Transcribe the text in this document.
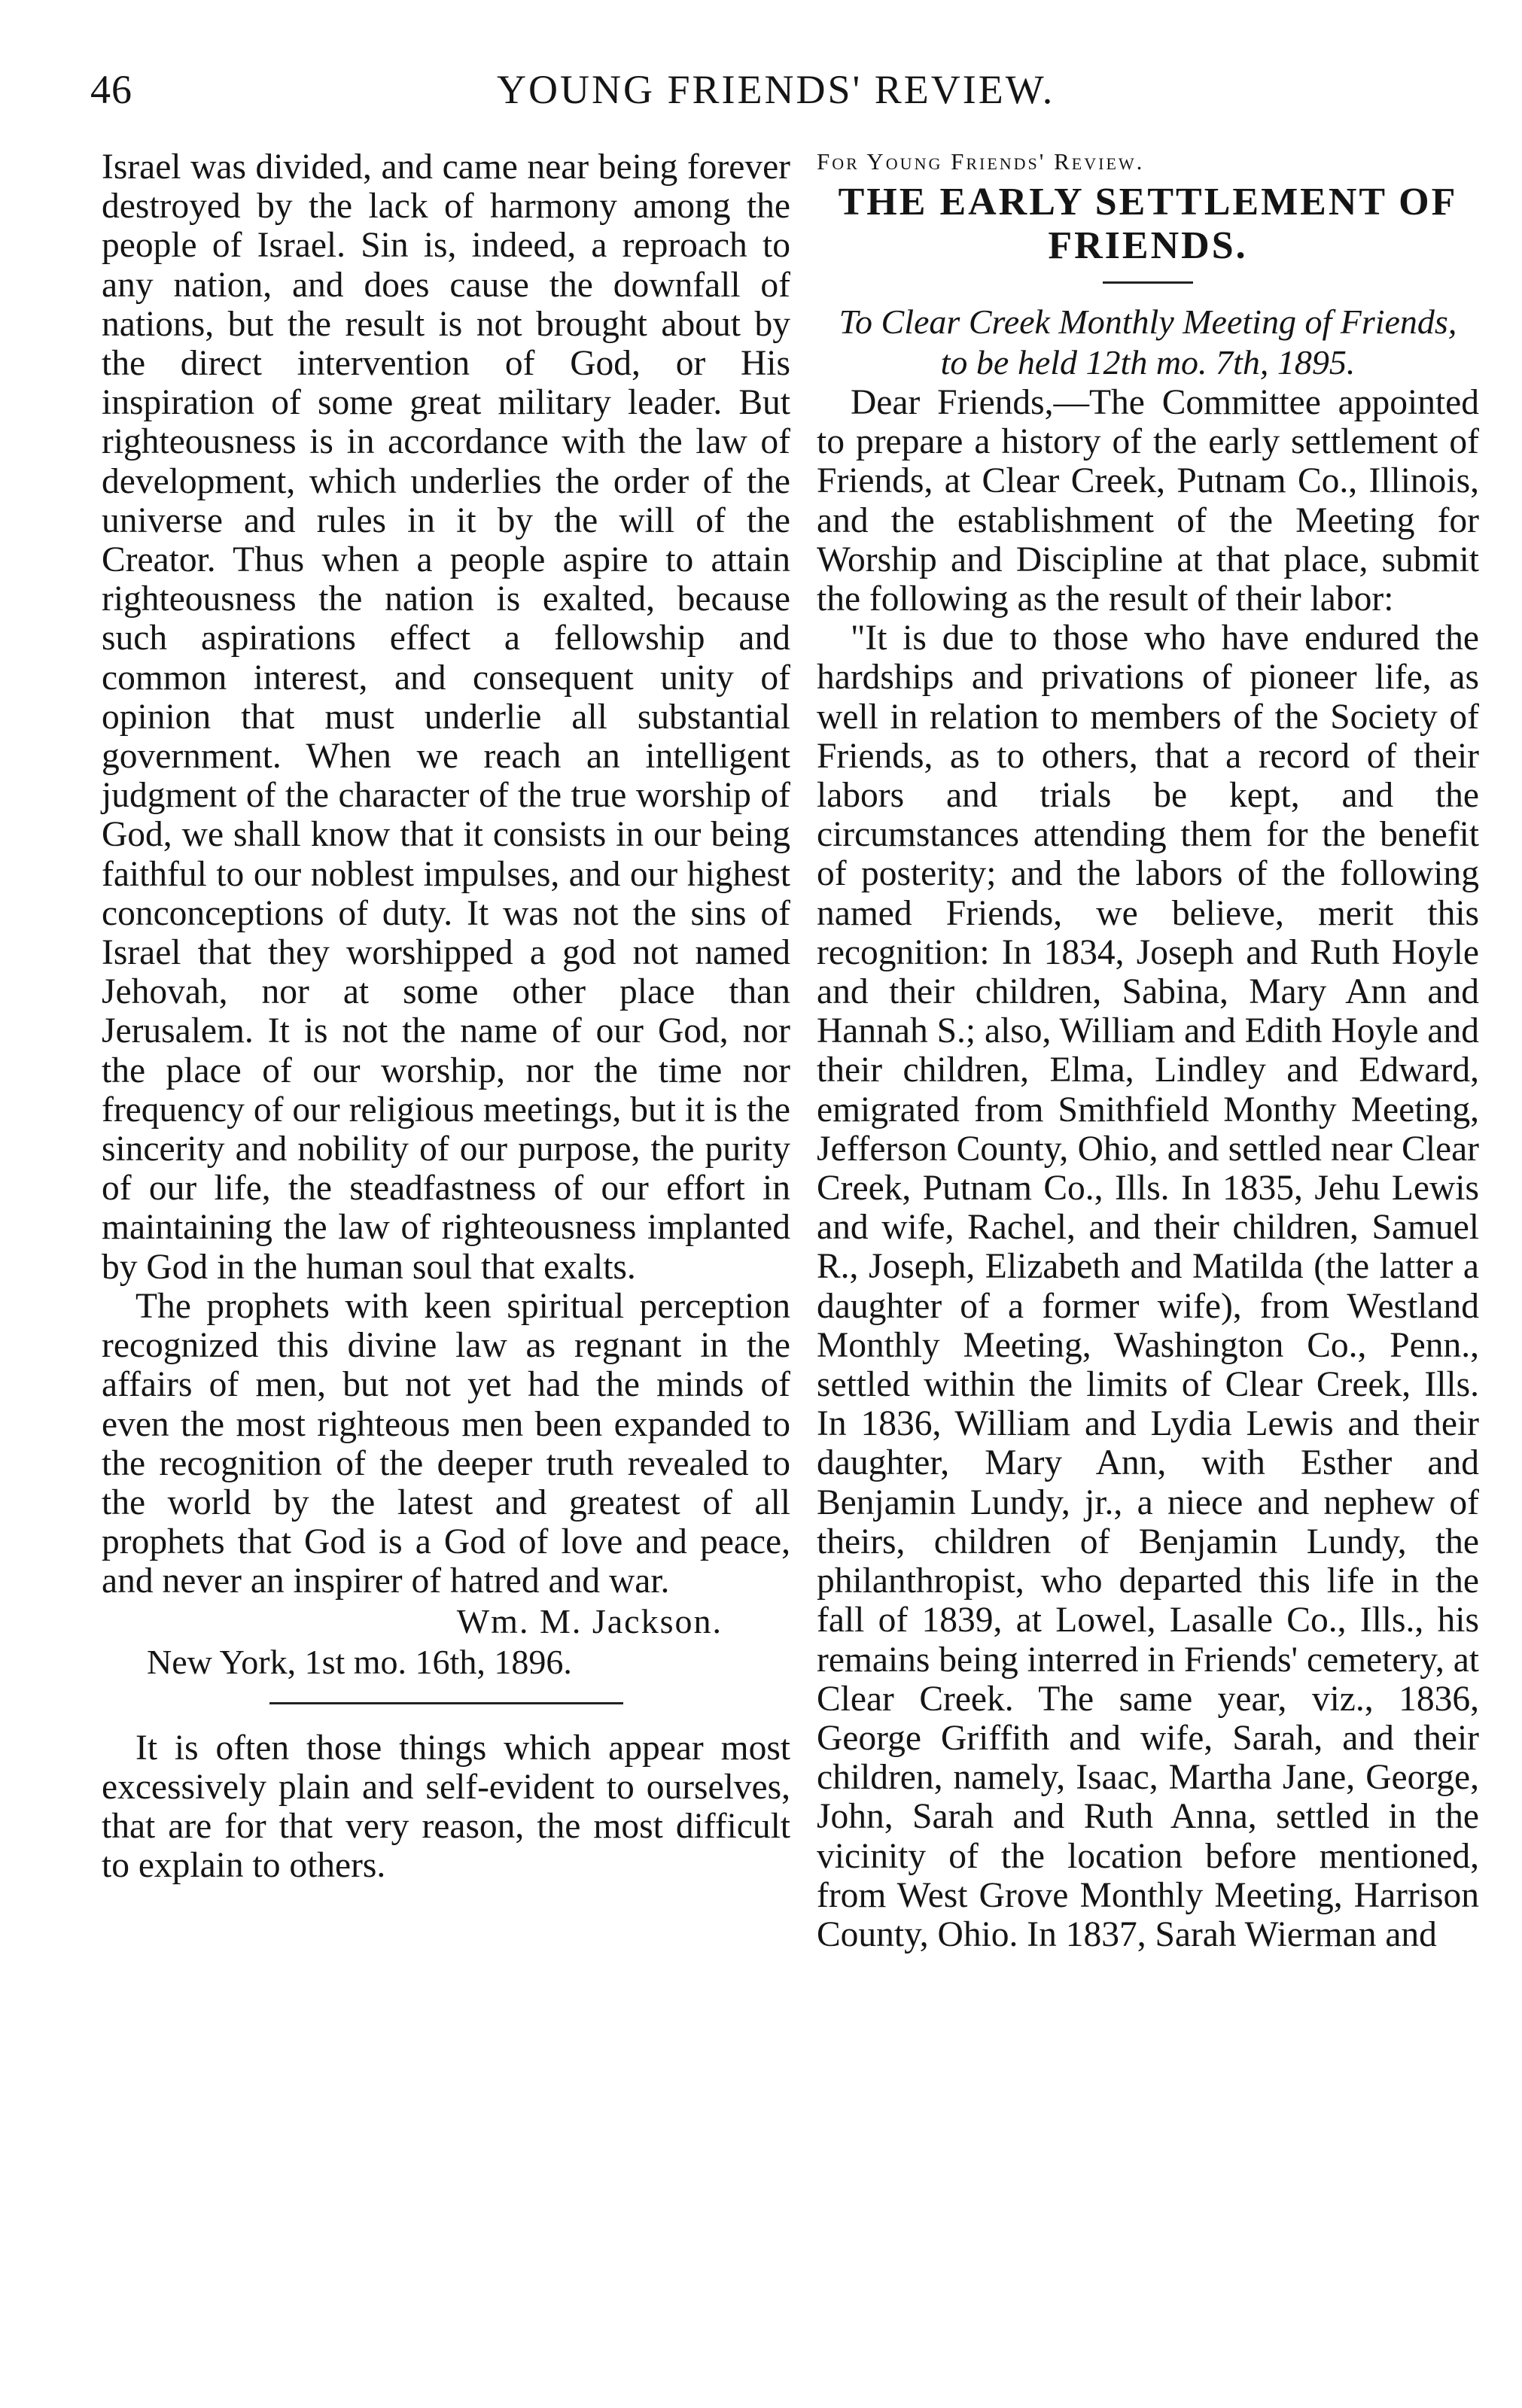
46	YOUNG FRIENDS' REVIEW.

Israel was divided, and came near being forever destroyed by the lack of harmony among the people of Israel. Sin is, indeed, a reproach to any nation, and does cause the downfall of nations, but the result is not brought about by the direct intervention of God, or His inspiration of some great military leader. But righteousness is in accordance with the law of development, which underlies the order of the universe and rules in it by the will of the Creator. Thus when a people aspire to attain righteousness the nation is exalted, because such aspirations effect a fellowship and common interest, and consequent unity of opinion that must underlie all substantial government. When we reach an intelligent judgment of the character of the true worship of God, we shall know that it consists in our being faithful to our noblest impulses, and our highest conconceptions of duty. It was not the sins of Israel that they worshipped a god not named Jehovah, nor at some other place than Jerusalem. It is not the name of our God, nor the place of our worship, nor the time nor frequency of our religious meetings, but it is the sincerity and nobility of our purpose, the purity of our life, the steadfastness of our effort in maintaining the law of righteousness implanted by God in the human soul that exalts.

The prophets with keen spiritual perception recognized this divine law as regnant in the affairs of men, but not yet had the minds of even the most righteous men been expanded to the recognition of the deeper truth revealed to the world by the latest and greatest of all prophets that God is a God of love and peace, and never an inspirer of hatred and war.

Wm. M. Jackson.

New York, 1st mo. 16th, 1896.

It is often those things which appear most excessively plain and self-evident to ourselves, that are for that very reason, the most difficult to explain to others.

For Young Friends' Review.

THE EARLY SETTLEMENT OF FRIENDS.

To Clear Creek Monthly Meeting of Friends, to be held 12th mo. 7th, 1895.

Dear Friends,—The Committee appointed to prepare a history of the early settlement of Friends, at Clear Creek, Putnam Co., Illinois, and the establishment of the Meeting for Worship and Discipline at that place, submit the following as the result of their labor:

"It is due to those who have endured the hardships and privations of pioneer life, as well in relation to members of the Society of Friends, as to others, that a record of their labors and trials be kept, and the circumstances attending them for the benefit of posterity; and the labors of the following named Friends, we believe, merit this recognition: In 1834, Joseph and Ruth Hoyle and their children, Sabina, Mary Ann and Hannah S.; also, William and Edith Hoyle and their children, Elma, Lindley and Edward, emigrated from Smithfield Monthy Meeting, Jefferson County, Ohio, and settled near Clear Creek, Putnam Co., Ills. In 1835, Jehu Lewis and wife, Rachel, and their children, Samuel R., Joseph, Elizabeth and Matilda (the latter a daughter of a former wife), from Westland Monthly Meeting, Washington Co., Penn., settled within the limits of Clear Creek, Ills. In 1836, William and Lydia Lewis and their daughter, Mary Ann, with Esther and Benjamin Lundy, jr., a niece and nephew of theirs, children of Benjamin Lundy, the philanthropist, who departed this life in the fall of 1839, at Lowel, Lasalle Co., Ills., his remains being interred in Friends' cemetery, at Clear Creek. The same year, viz., 1836, George Griffith and wife, Sarah, and their children, namely, Isaac, Martha Jane, George, John, Sarah and Ruth Anna, settled in the vicinity of the location before mentioned, from West Grove Monthly Meeting, Harrison County, Ohio. In 1837, Sarah Wierman and
